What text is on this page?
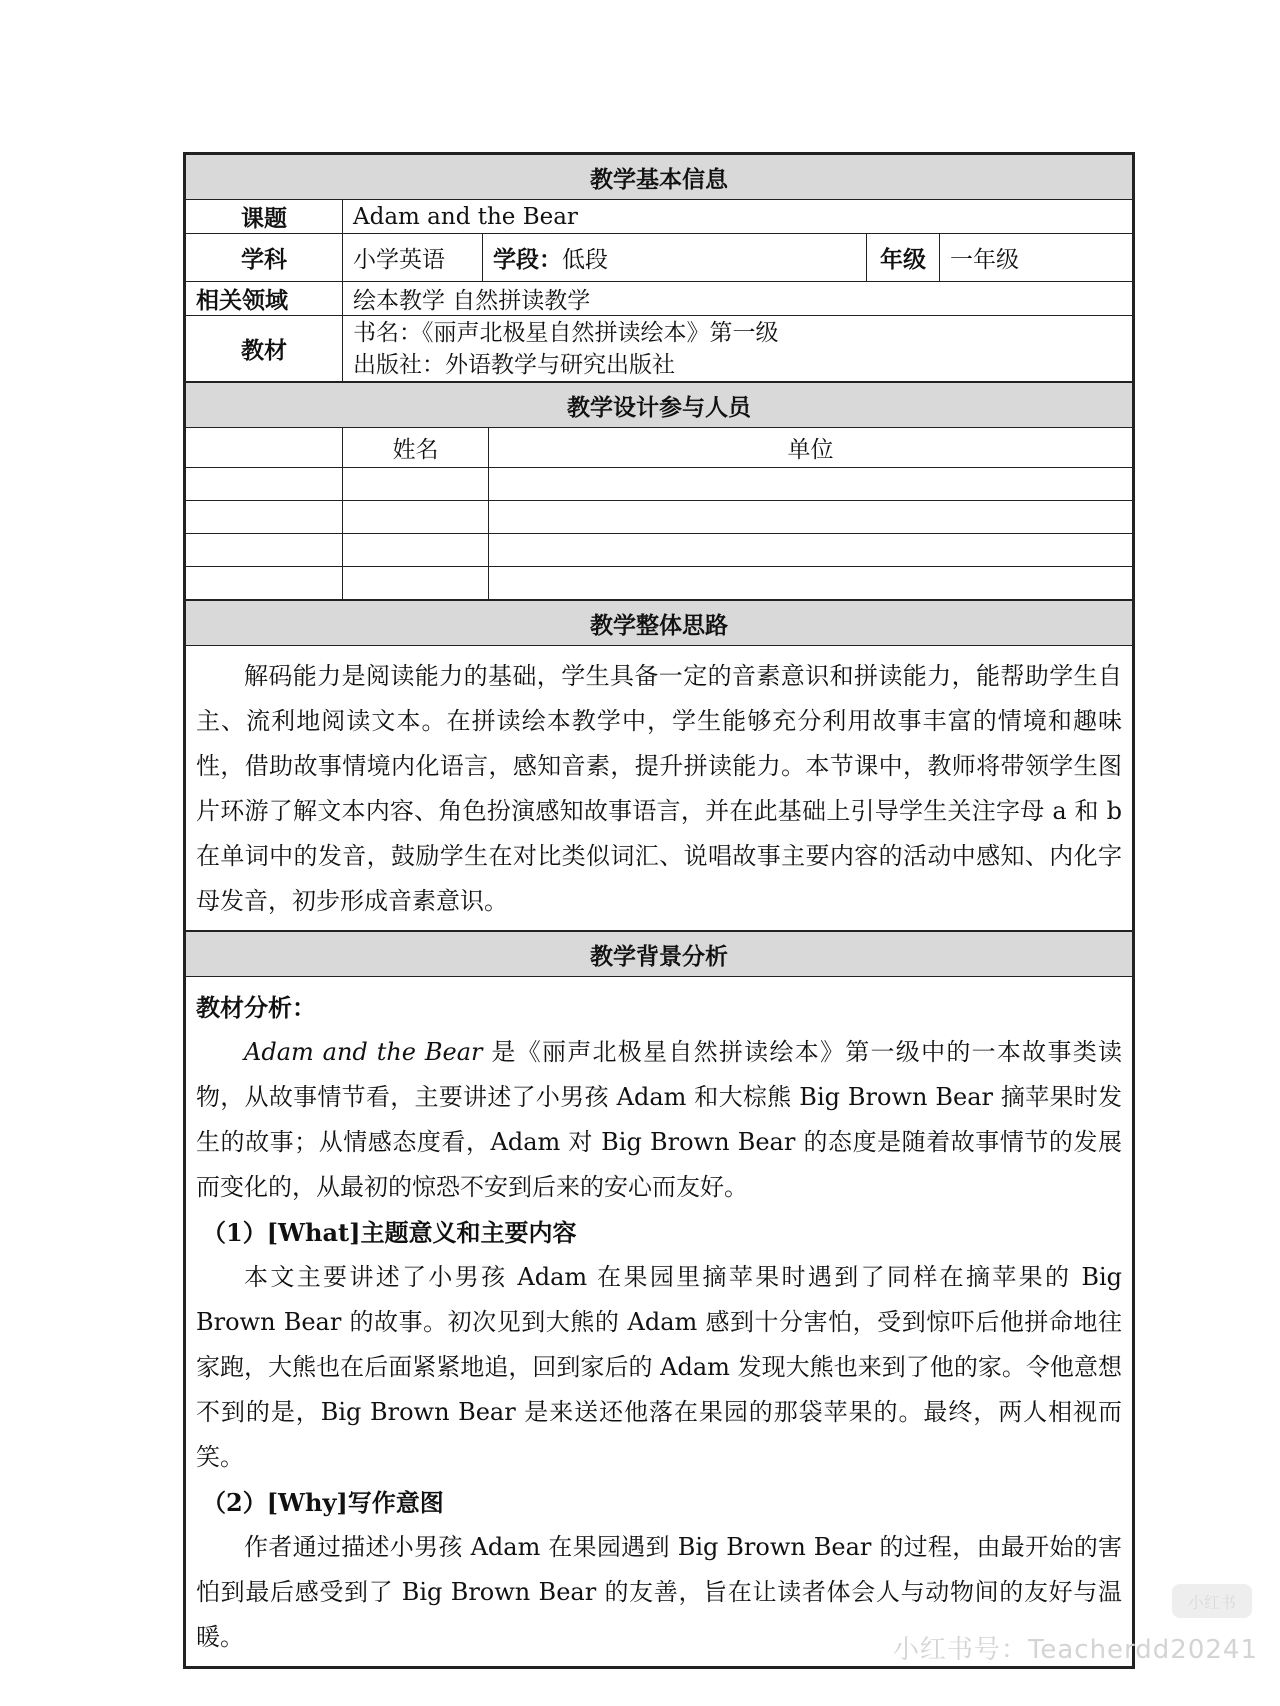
教学基本信息				
课题	Adam and the Bear			
学科	小学英语	学段：低段	年级	一年级
相关领域	绘本教学 自然拼读教学			
教材	书名：《丽声北极星自然拼读绘本》第一级
出版社：外语教学与研究出版社			
教学设计参与人员		
	姓名	单位

教学整体思路

解码能力是阅读能力的基础，学生具备一定的音素意识和拼读能力，能帮助学生自主、流利地阅读文本。在拼读绘本教学中，学生能够充分利用故事丰富的情境和趣味性，借助故事情境内化语言，感知音素，提升拼读能力。本节课中，教师将带领学生图片环游了解文本内容、角色扮演感知故事语言，并在此基础上引导学生关注字母 a 和 b 在单词中的发音，鼓励学生在对比类似词汇、说唱故事主要内容的活动中感知、内化字母发音，初步形成音素意识。

教学背景分析

教材分析：

Adam and the Bear 是《丽声北极星自然拼读绘本》第一级中的一本故事类读物，从故事情节看，主要讲述了小男孩 Adam 和大棕熊 Big Brown Bear 摘苹果时发生的故事；从情感态度看，Adam 对 Big Brown Bear 的态度是随着故事情节的发展而变化的，从最初的惊恐不安到后来的安心而友好。

（1）[What]主题意义和主要内容

本文主要讲述了小男孩 Adam 在果园里摘苹果时遇到了同样在摘苹果的 Big Brown Bear 的故事。初次见到大熊的 Adam 感到十分害怕，受到惊吓后他拼命地往家跑，大熊也在后面紧紧地追，回到家后的 Adam 发现大熊也来到了他的家。令他意想不到的是，Big Brown Bear 是来送还他落在果园的那袋苹果的。最终，两人相视而笑。

（2）[Why]写作意图

作者通过描述小男孩 Adam 在果园遇到 Big Brown Bear 的过程，由最开始的害怕到最后感受到了 Big Brown Bear 的友善，旨在让读者体会人与动物间的友好与温暖。

小红书
小红书号：Teacherdd20241
